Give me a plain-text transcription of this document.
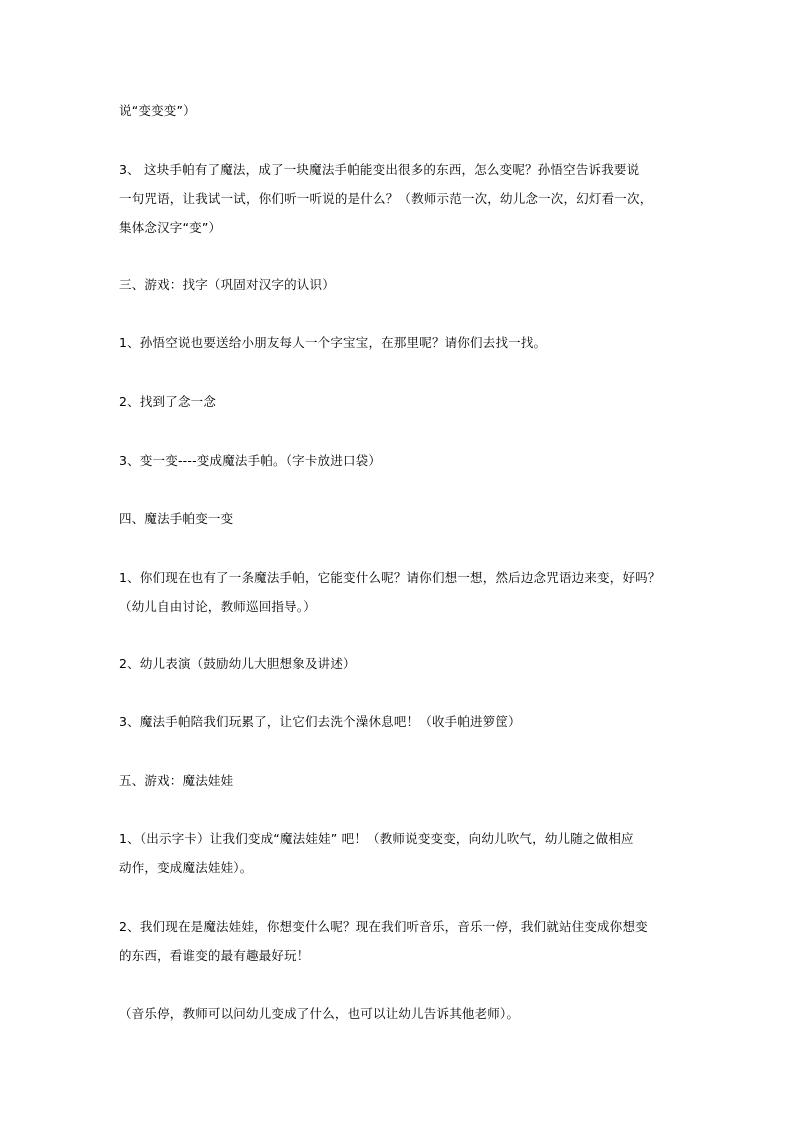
说“变变变”）

3、 这块手帕有了魔法，成了一块魔法手帕能变出很多的东西，怎么变呢？孙悟空告诉我要说
一句咒语，让我试一试，你们听一听说的是什么？（教师示范一次，幼儿念一次，幻灯看一次，
集体念汉字“变”）

三、游戏：找字（巩固对汉字的认识）

1、孙悟空说也要送给小朋友每人一个字宝宝，在那里呢？请你们去找一找。

2、找到了念一念

3、变一变----变成魔法手帕。（字卡放进口袋）

四、魔法手帕变一变

1、你们现在也有了一条魔法手帕，它能变什么呢？请你们想一想，然后边念咒语边来变，好吗？
（幼儿自由讨论，教师巡回指导。）

2、幼儿表演（鼓励幼儿大胆想象及讲述）

3、魔法手帕陪我们玩累了，让它们去洗个澡休息吧！（收手帕进箩筐）

五、游戏：魔法娃娃

1、（出示字卡）让我们变成“魔法娃娃” 吧！（教师说变变变，向幼儿吹气，幼儿随之做相应
动作，变成魔法娃娃）。

2、我们现在是魔法娃娃，你想变什么呢？现在我们听音乐，音乐一停，我们就站住变成你想变
的东西，看谁变的最有趣最好玩！

（音乐停，教师可以问幼儿变成了什么，也可以让幼儿告诉其他老师）。
